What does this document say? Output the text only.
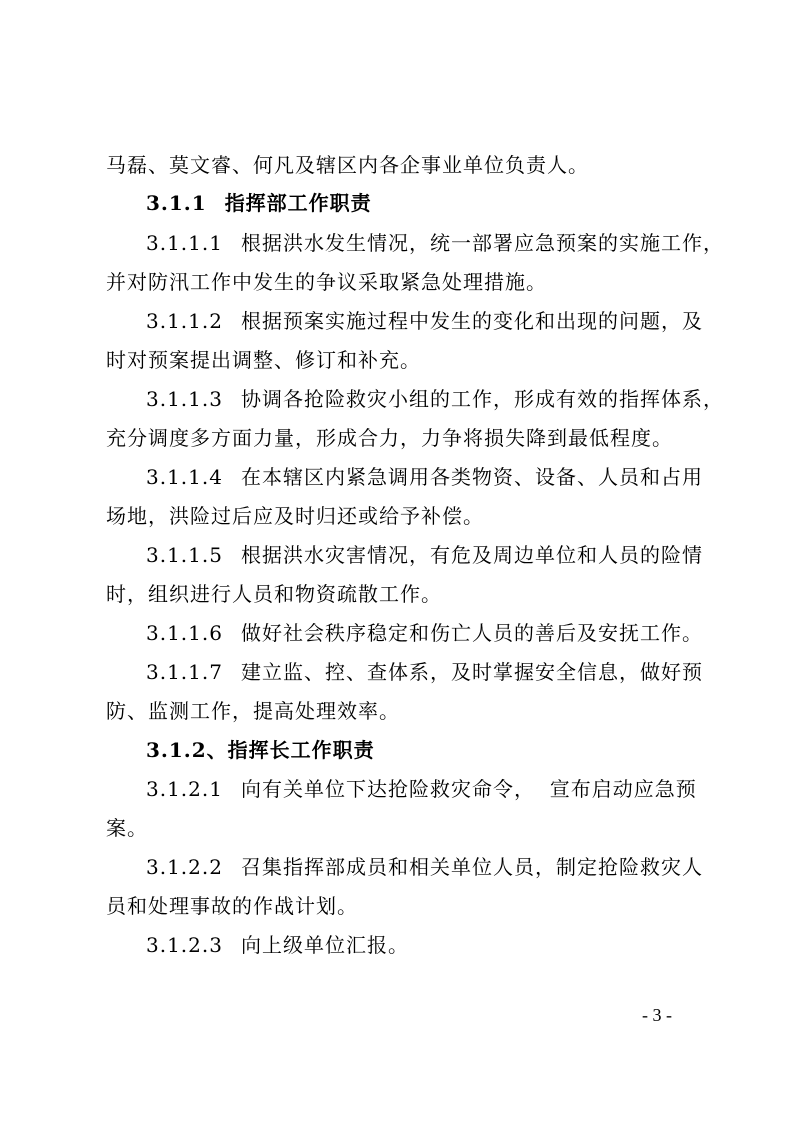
马磊、莫文睿、何凡及辖区内各企事业单位负责人。
3.1.1 指挥部工作职责
3.1.1.1 根据洪水发生情况，统一部署应急预案的实施工作，
并对防汛工作中发生的争议采取紧急处理措施。
3.1.1.2 根据预案实施过程中发生的变化和出现的问题，及
时对预案提出调整、修订和补充。
3.1.1.3 协调各抢险救灾小组的工作，形成有效的指挥体系，
充分调度多方面力量，形成合力，力争将损失降到最低程度。
3.1.1.4 在本辖区内紧急调用各类物资、设备、人员和占用
场地，洪险过后应及时归还或给予补偿。
3.1.1.5 根据洪水灾害情况，有危及周边单位和人员的险情
时，组织进行人员和物资疏散工作。
3.1.1.6 做好社会秩序稳定和伤亡人员的善后及安抚工作。
3.1.1.7 建立监、控、查体系，及时掌握安全信息，做好预
防、监测工作，提高处理效率。
3.1.2、指挥长工作职责
3.1.2.1 向有关单位下达抢险救灾命令，  宣布启动应急预
案。
3.1.2.2 召集指挥部成员和相关单位人员，制定抢险救灾人
员和处理事故的作战计划。
3.1.2.3 向上级单位汇报。
- 3 -
